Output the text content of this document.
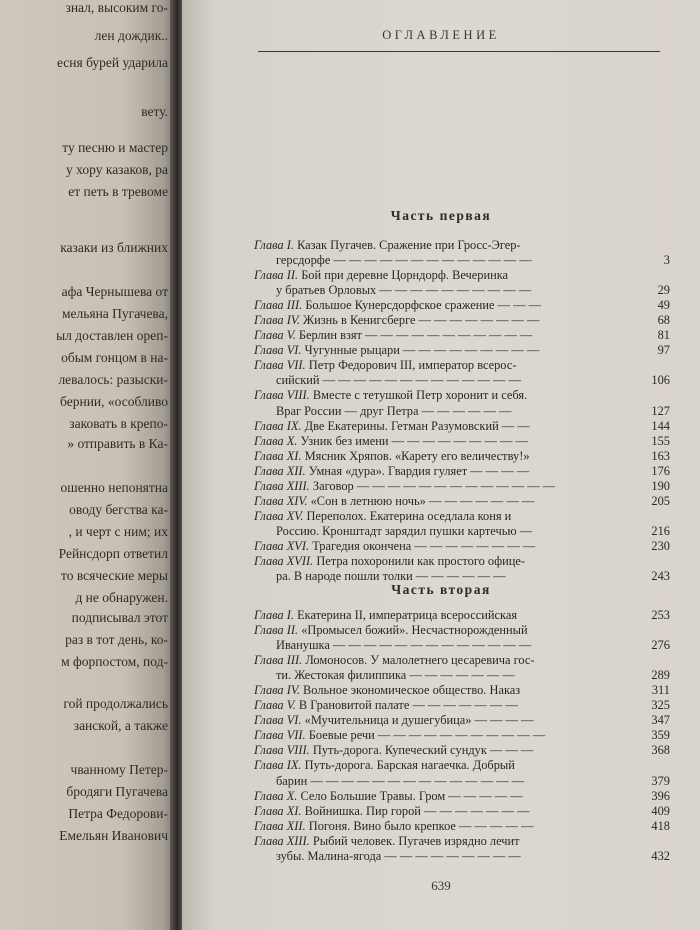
знал, высоким го-
лен дождик..
есня бурей ударила
вету.
ту песню и мастер
у хору казаков, ра
ет петь в тревоме
казаки из ближних
афа Чернышева от
мельяна Пугачева,
ыл доставлен ореп-
обым гонцом в на-
левалось: разыски-
бернии, «особливо
заковать в крепо-
» отправить в Ка-
ошенно непонятна
оводу бегства ка-
, и черт с ним; их
Рейнсдорп ответил
то всяческие меры
д не обнаружен.
подписывал этот
раз в тот день, ко-
м форпостом, под-
гой продолжались
занской, а также
чванному Петер-
бродяги Пугачева
Петра Федорови-
Емельян Иванович
ОГЛАВЛЕНИЕ
Часть первая
Глава I. Казак Пугачев. Сражение при Гросс-Эгер-
герсдорфе — — — — — — — — — — — — —	3
Глава II. Бой при деревне Цорндорф. Вечеринка
у братьев Орловых — — — — — — — — — —	29
Глава III. Большое Кунерсдорфское сражение — — —	49
Глава IV. Жизнь в Кенигсберге — — — — — — — —	68
Глава V. Берлин взят — — — — — — — — — — —	81
Глава VI. Чугунные рыцари — — — — — — — — —	97
Глава VII. Петр Федорович III, император всерос-
сийский — — — — — — — — — — — — —	106
Глава VIII. Вместе с тетушкой Петр хоронит и себя.
Враг России — друг Петра — — — — — —	127
Глава IX. Две Екатерины. Гетман Разумовский — —	144
Глава X. Узник без имени — — — — — — — — —	155
Глава XI. Мясник Хряпов. «Карету его величеству!»	163
Глава XII. Умная «дура». Гвардия гуляет — — — —	176
Глава XIII. Заговор — — — — — — — — — — — — —	190
Глава XIV. «Сон в летнюю ночь» — — — — — — —	205
Глава XV. Переполох. Екатерина оседлала коня и
Россию. Кронштадт зарядил пушки картечью —	216
Глава XVI. Трагедия окончена — — — — — — — —	230
Глава XVII. Петра похоронили как простого офице-
ра. В народе пошли толки — — — — — —	243
Часть вторая
Глава I. Екатерина II, императрица всероссийская	253
Глава II. «Промысел божий». Несчастнорожденный
Иванушка — — — — — — — — — — — — —	276
Глава III. Ломоносов. У малолетнего цесаревича гос-
ти. Жестокая филиппика — — — — — — —	289
Глава IV. Вольное экономическое общество. Наказ	311
Глава V. В Грановитой палате — — — — — — —	325
Глава VI. «Мучительница и душегубица» — — — —	347
Глава VII. Боевые речи — — — — — — — — — — —	359
Глава VIII. Путь-дорога. Купеческий сундук — — —	368
Глава IX. Путь-дорога. Барская нагаечка. Добрый
барин — — — — — — — — — — — — — —	379
Глава X. Село Большие Травы. Гром — — — — —	396
Глава XI. Войнишка. Пир горой — — — — — — —	409
Глава XII. Погоня. Вино было крепкое — — — — —	418
Глава XIII. Рыбий человек. Пугачев изрядно лечит
зубы. Малина-ягода — — — — — — — — —	432
639
